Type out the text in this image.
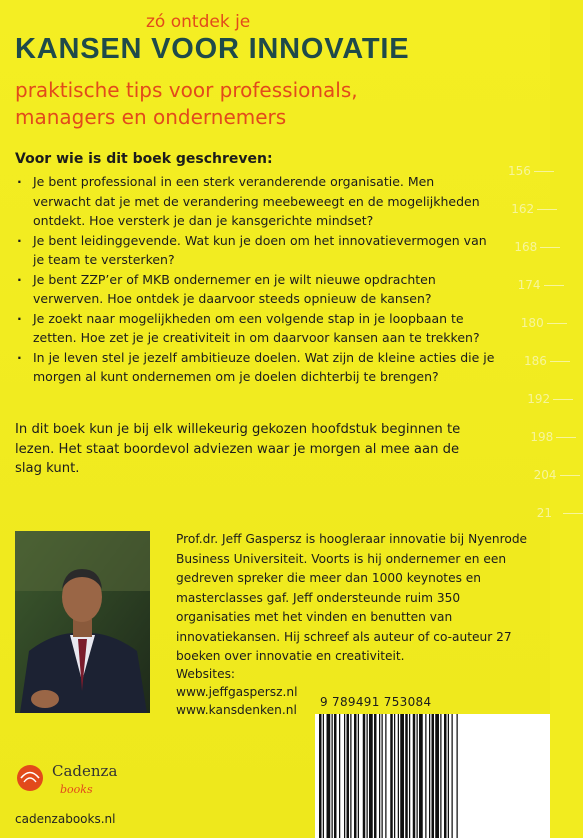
156
162
168
174
180
186
192
198
204
21
zó ontdek je
KANSEN VOOR INNOVATIE
praktische tips voor professionals,
managers en ondernemers
Voor wie is dit boek geschreven:
· Je bent professional in een sterk veranderende organisatie. Men verwacht dat je met de verandering meebeweegt en de mogelijkheden ontdekt. Hoe versterk je dan je kansgerichte mindset?
· Je bent leidinggevende. Wat kun je doen om het innovatievermogen van je team te versterken?
· Je bent ZZP’er of MKB ondernemer en je wilt nieuwe opdrachten verwerven. Hoe ontdek je daarvoor steeds opnieuw de kansen?
· Je zoekt naar mogelijkheden om een volgende stap in je loopbaan te zetten. Hoe zet je je creativiteit in om daarvoor kansen aan te trekken?
· In je leven stel je jezelf ambitieuze doelen. Wat zijn de kleine acties die je morgen al kunt ondernemen om je doelen dichterbij te brengen?
In dit boek kun je bij elk willekeurig gekozen hoofdstuk beginnen te lezen. Het staat boordevol adviezen waar je morgen al mee aan de slag kunt.
Prof.dr. Jeff Gaspersz is hoogleraar innovatie bij Nyenrode Business Universiteit. Voorts is hij ondernemer en een gedreven spreker die meer dan 1000 keynotes en masterclasses gaf. Jeff ondersteunde ruim 350 organisaties met het vinden en benutten van innovatiekansen. Hij schreef als auteur of co-auteur 27 boeken over innovatie en creativiteit.
Websites:
www.jeffgaspersz.nl
www.kansdenken.nl
9 789491 753084
Cadenza
books
cadenzabooks.nl
